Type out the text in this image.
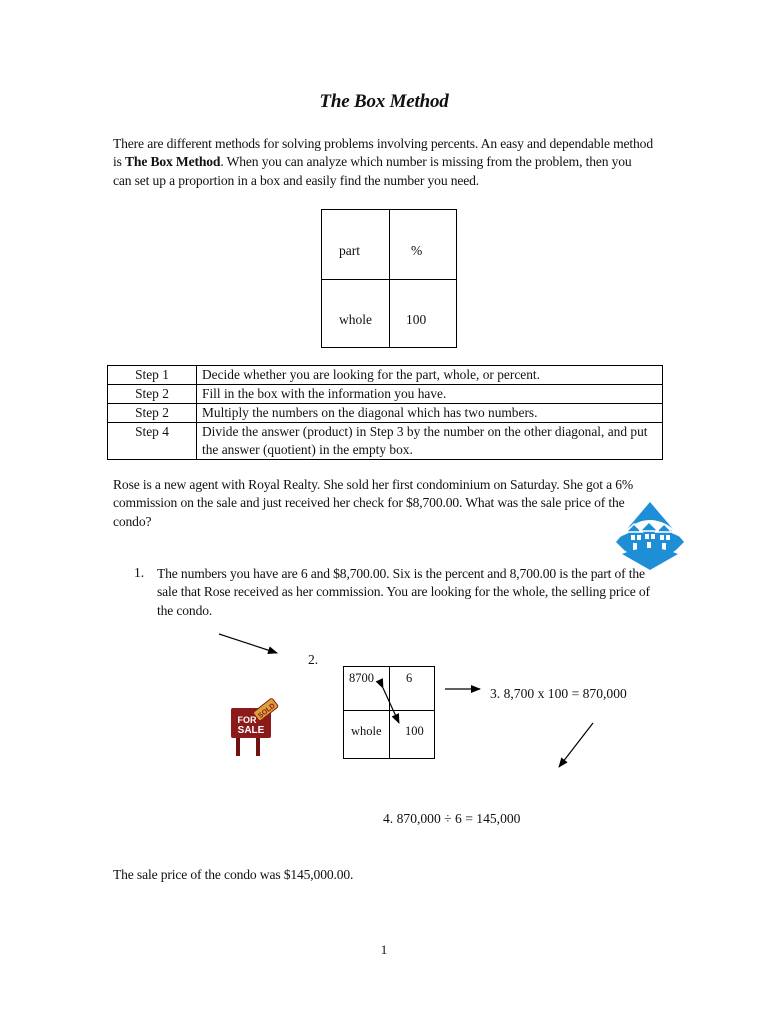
The Box Method
There are different methods for solving problems involving percents. An easy and dependable method is The Box Method. When you can analyze which number is missing from the problem, then you can set up a proportion in a box and easily find the number you need.
part	%
whole	100
Step 1	Decide whether you are looking for the part, whole, or percent.
Step 2	Fill in the box with the information you have.
Step 2	Multiply the numbers on the diagonal which has two numbers.
Step 4	Divide the answer (product) in Step 3 by the number on the other diagonal, and put the answer (quotient) in the empty box.
Rose is a new agent with Royal Realty. She sold her first condominium on Saturday. She got a 6% commission on the sale and just received her check for $8,700.00. What was the sale price of the condo?
1. The numbers you have are 6 and $8,700.00. Six is the percent and 8,700.00 is the part of the sale that Rose received as her commission. You are looking for the whole, the selling price of the condo.
2.
8700	6
whole 100
3. 8,700 x 100 = 870,000
4. 870,000 ÷ 6 = 145,000
FOR
SALE
SOLD
The sale price of the condo was $145,000.00.
1
